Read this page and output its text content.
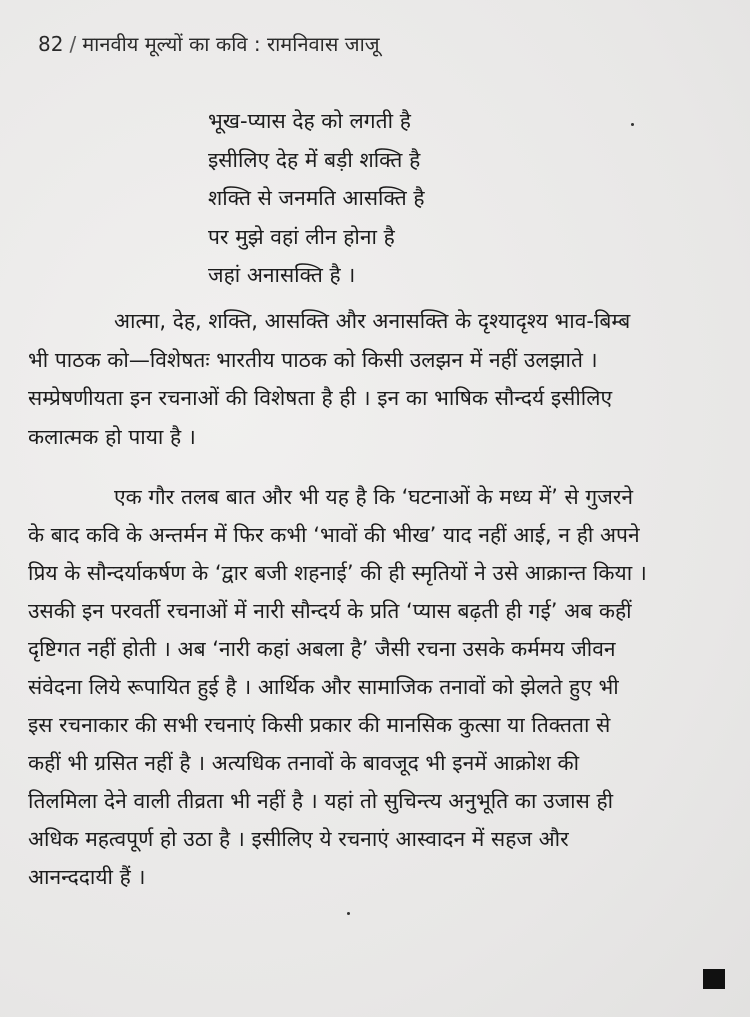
82 / मानवीय मूल्यों का कवि : रामनिवास जाजू
भूख-प्यास देह को लगती है
इसीलिए देह में बड़ी शक्ति है
शक्ति से जनमति आसक्ति है
पर मुझे वहां लीन होना है
जहां अनासक्ति है ।
आत्मा, देह, शक्ति, आसक्ति और अनासक्ति के दृश्यादृश्य भाव-बिम्ब
भी पाठक को—विशेषतः भारतीय पाठक को किसी उलझन में नहीं उलझाते ।
सम्प्रेषणीयता इन रचनाओं की विशेषता है ही । इन का भाषिक सौन्दर्य इसीलिए
कलात्मक हो पाया है ।
एक गौर तलब बात और भी यह है कि ‘घटनाओं के मध्य में’ से गुजरने
के बाद कवि के अन्तर्मन में फिर कभी ‘भावों की भीख’ याद नहीं आई, न ही अपने
प्रिय के सौन्दर्याकर्षण के ‘द्वार बजी शहनाई’ की ही स्मृतियों ने उसे आक्रान्त किया ।
उसकी इन परवर्ती रचनाओं में नारी सौन्दर्य के प्रति ‘प्यास बढ़ती ही गई’ अब कहीं
दृष्टिगत नहीं होती । अब ‘नारी कहां अबला है’ जैसी रचना उसके कर्ममय जीवन
संवेदना लिये रूपायित हुई है । आर्थिक और सामाजिक तनावों को झेलते हुए भी
इस रचनाकार की सभी रचनाएं किसी प्रकार की मानसिक कुत्सा या तिक्तता से
कहीं भी ग्रसित नहीं है । अत्यधिक तनावों के बावजूद भी इनमें आक्रोश की
तिलमिला देने वाली तीव्रता भी नहीं है । यहां तो सुचिन्त्य अनुभूति का उजास ही
अधिक महत्वपूर्ण हो उठा है । इसीलिए ये रचनाएं आस्वादन में सहज और
आनन्ददायी हैं ।
